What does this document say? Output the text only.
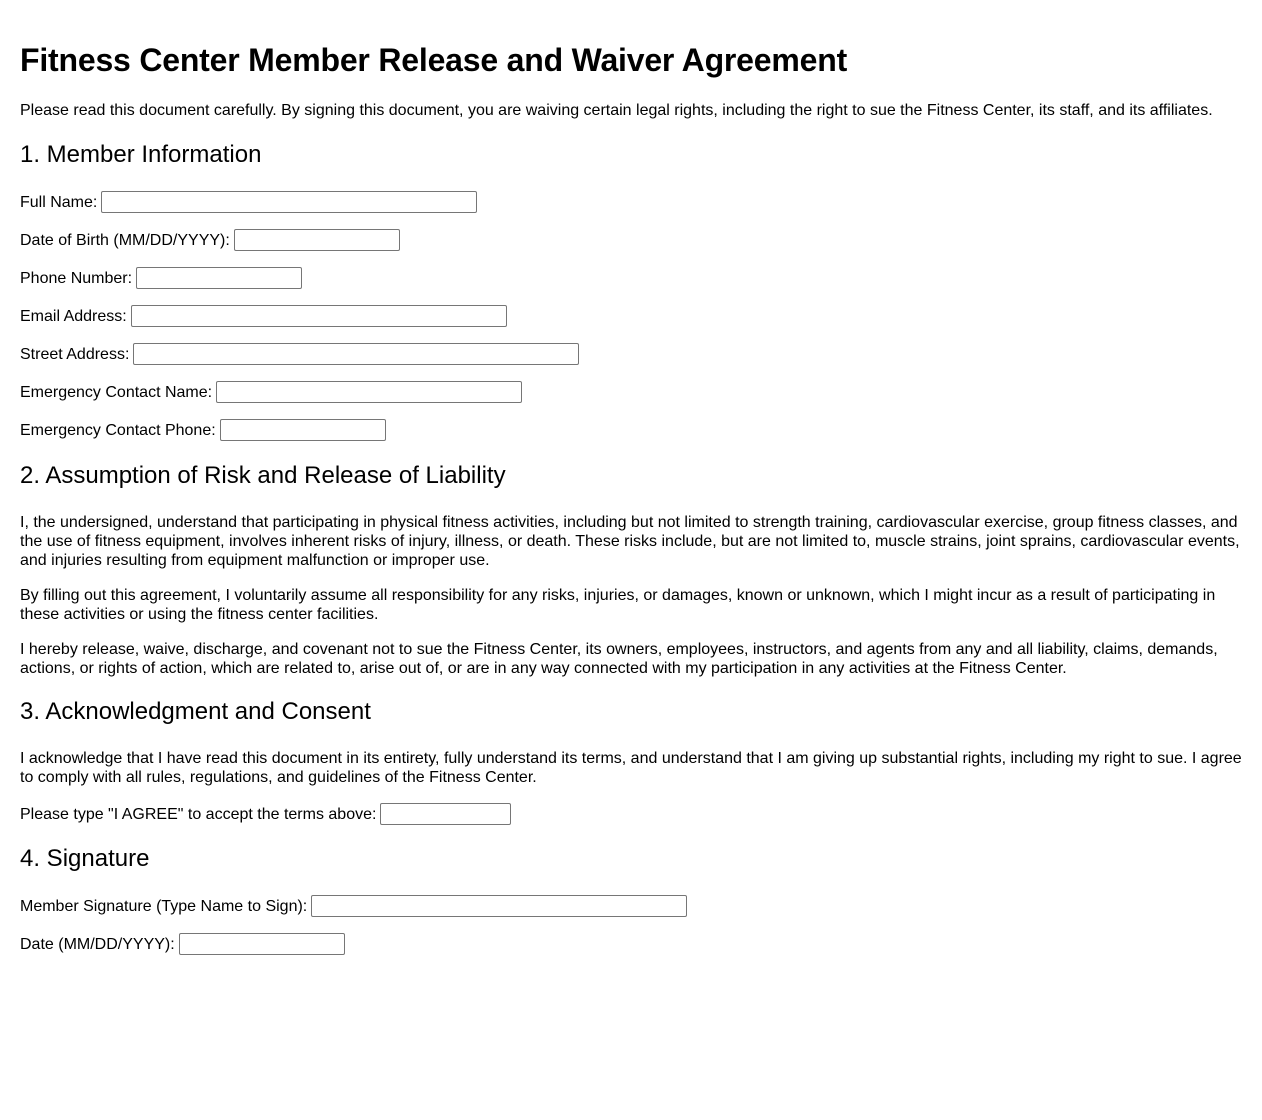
Fitness Center Member Release and Waiver Agreement

Please read this document carefully. By signing this document, you are waiving certain legal rights, including the right to sue the Fitness Center, its staff, and its affiliates.

1. Member Information
Full Name:
Date of Birth (MM/DD/YYYY):
Phone Number:
Email Address:
Street Address:
Emergency Contact Name:
Emergency Contact Phone:
2. Assumption of Risk and Release of Liability

I, the undersigned, understand that participating in physical fitness activities, including but not limited to strength training, cardiovascular exercise, group fitness classes, and the use of fitness equipment, involves inherent risks of injury, illness, or death. These risks include, but are not limited to, muscle strains, joint sprains, cardiovascular events, and injuries resulting from equipment malfunction or improper use.

By filling out this agreement, I voluntarily assume all responsibility for any risks, injuries, or damages, known or unknown, which I might incur as a result of participating in these activities or using the fitness center facilities.

I hereby release, waive, discharge, and covenant not to sue the Fitness Center, its owners, employees, instructors, and agents from any and all liability, claims, demands, actions, or rights of action, which are related to, arise out of, or are in any way connected with my participation in any activities at the Fitness Center.

3. Acknowledgment and Consent

I acknowledge that I have read this document in its entirety, fully understand its terms, and understand that I am giving up substantial rights, including my right to sue. I agree to comply with all rules, regulations, and guidelines of the Fitness Center.

Please type "I AGREE" to accept the terms above:
4. Signature
Member Signature (Type Name to Sign):
Date (MM/DD/YYYY):
